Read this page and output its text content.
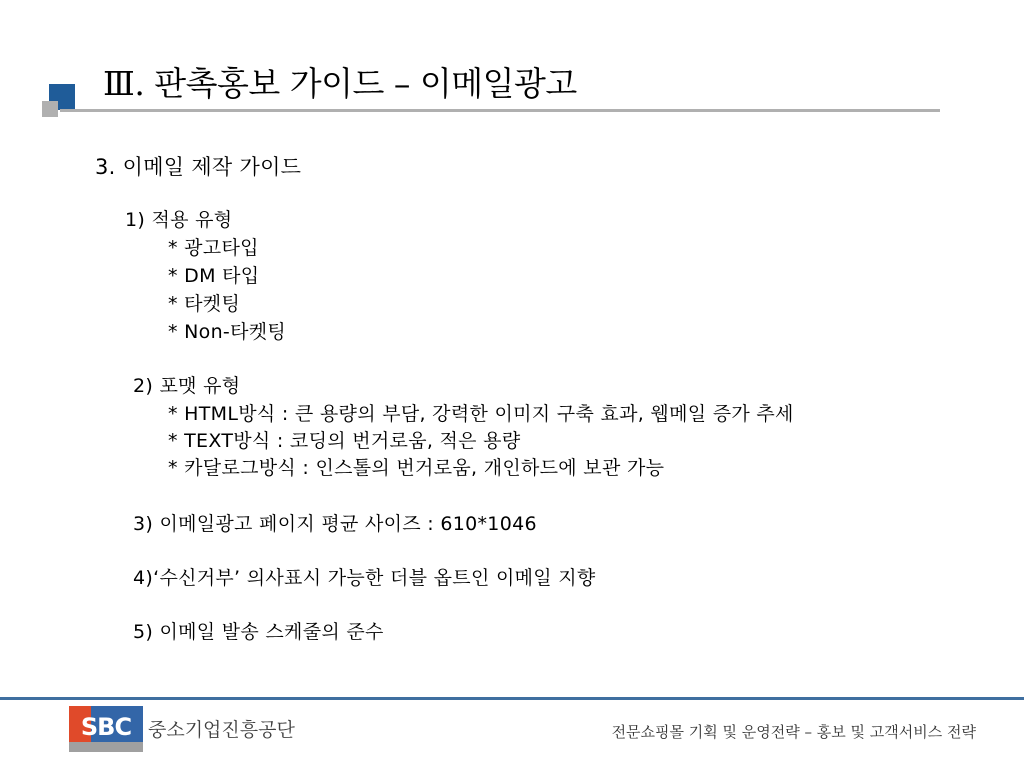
Ⅲ. 판촉홍보 가이드 – 이메일광고
3. 이메일 제작 가이드
1) 적용 유형
* 광고타입
* DM 타입
* 타켓팅
* Non-타켓팅
2) 포맷 유형
* HTML방식 : 큰 용량의 부담, 강력한 이미지 구축 효과, 웹메일 증가 추세
* TEXT방식 : 코딩의 번거로움, 적은 용량
* 카달로그방식 : 인스톨의 번거로움, 개인하드에 보관 가능
3) 이메일광고 페이지 평균 사이즈 : 610*1046
4)‘수신거부’ 의사표시 가능한 더블 옵트인 이메일 지향
5) 이메일 발송 스케줄의 준수
SBC 중소기업진흥공단	전문쇼핑몰 기획 및 운영전략 – 홍보 및 고객서비스 전략
